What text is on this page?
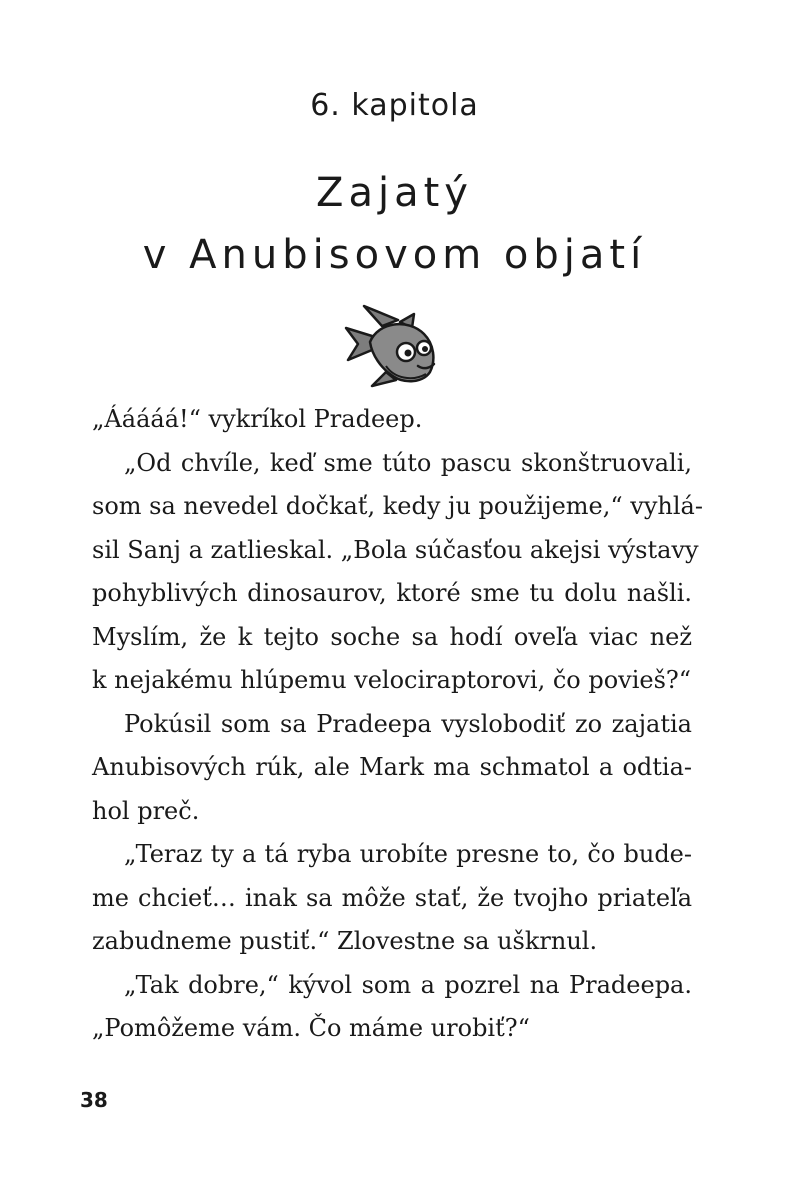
6. kapitola
Zajatý
v Anubisovom objatí
„Ááááá!“ vykríkol Pradeep.
„Od chvíle, keď sme túto pascu skonštruovali,
som sa nevedel dočkať, kedy ju použijeme,“ vyhlá-
sil Sanj a zatlieskal. „Bola súčasťou akejsi výstavy
pohyblivých dinosaurov, ktoré sme tu dolu našli.
Myslím, že k tejto soche sa hodí oveľa viac než
k nejakému hlúpemu velociraptorovi, čo povieš?“
Pokúsil som sa Pradeepa vyslobodiť zo zajatia
Anubisových rúk, ale Mark ma schmatol a odtia-
hol preč.
„Teraz ty a tá ryba urobíte presne to, čo bude-
me chcieť… inak sa môže stať, že tvojho priateľa
zabudneme pustiť.“ Zlovestne sa uškrnul.
„Tak dobre,“ kývol som a pozrel na Pradeepa.
„Pomôžeme vám. Čo máme urobiť?“
38
